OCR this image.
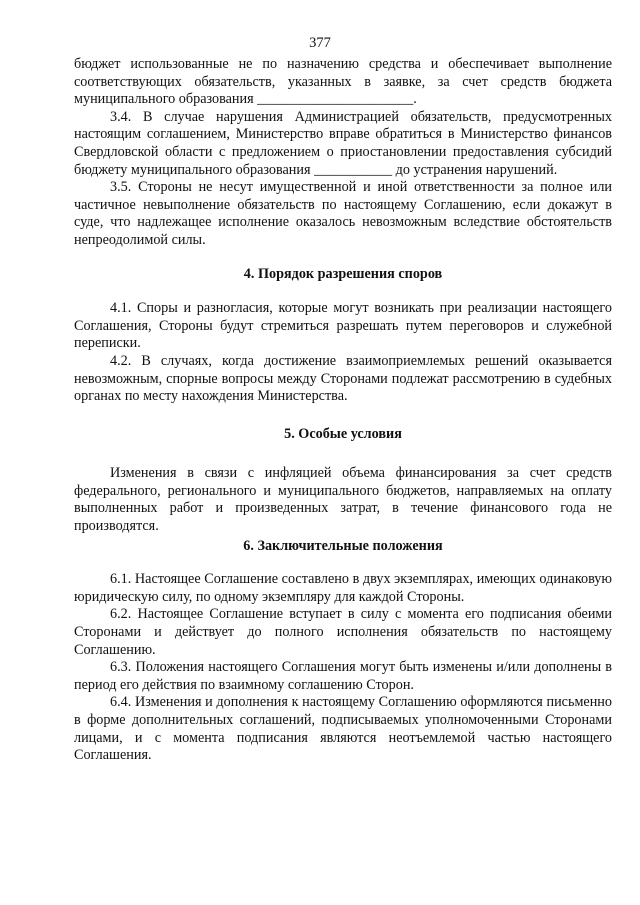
377

бюджет использованные не по назначению средства и обеспечивает выполнение соответствующих обязательств, указанных в заявке, за счет средств бюджета муниципального образования ______________________.

3.4. В случае нарушения Администрацией обязательств, предусмотренных настоящим соглашением, Министерство вправе обратиться в Министерство финансов Свердловской области с предложением о приостановлении предоставления субсидий бюджету муниципального образования ___________ до устранения нарушений.

3.5. Стороны не несут имущественной и иной ответственности за полное или частичное невыполнение обязательств по настоящему Соглашению, если докажут в суде, что надлежащее исполнение оказалось невозможным вследствие обстоятельств непреодолимой силы.

4. Порядок разрешения споров

4.1. Споры и разногласия, которые могут возникать при реализации настоящего Соглашения, Стороны будут стремиться разрешать путем переговоров и служебной переписки.

4.2. В случаях, когда достижение взаимоприемлемых решений оказывается невозможным, спорные вопросы между Сторонами подлежат рассмотрению в судебных органах по месту нахождения Министерства.

5. Особые условия

Изменения в связи с инфляцией объема финансирования за счет средств федерального, регионального и муниципального бюджетов, направляемых на оплату выполненных работ и произведенных затрат, в течение финансового года не производятся.

6. Заключительные положения

6.1. Настоящее Соглашение составлено в двух экземплярах, имеющих одинаковую юридическую силу, по одному экземпляру для каждой Стороны.

6.2. Настоящее Соглашение вступает в силу с момента его подписания обеими Сторонами и действует до полного исполнения обязательств по настоящему Соглашению.

6.3. Положения настоящего Соглашения могут быть изменены и/или дополнены в период его действия по взаимному соглашению Сторон.

6.4. Изменения и дополнения к настоящему Соглашению оформляются письменно в форме дополнительных соглашений, подписываемых уполномоченными Сторонами лицами, и с момента подписания являются неотъемлемой частью настоящего Соглашения.
